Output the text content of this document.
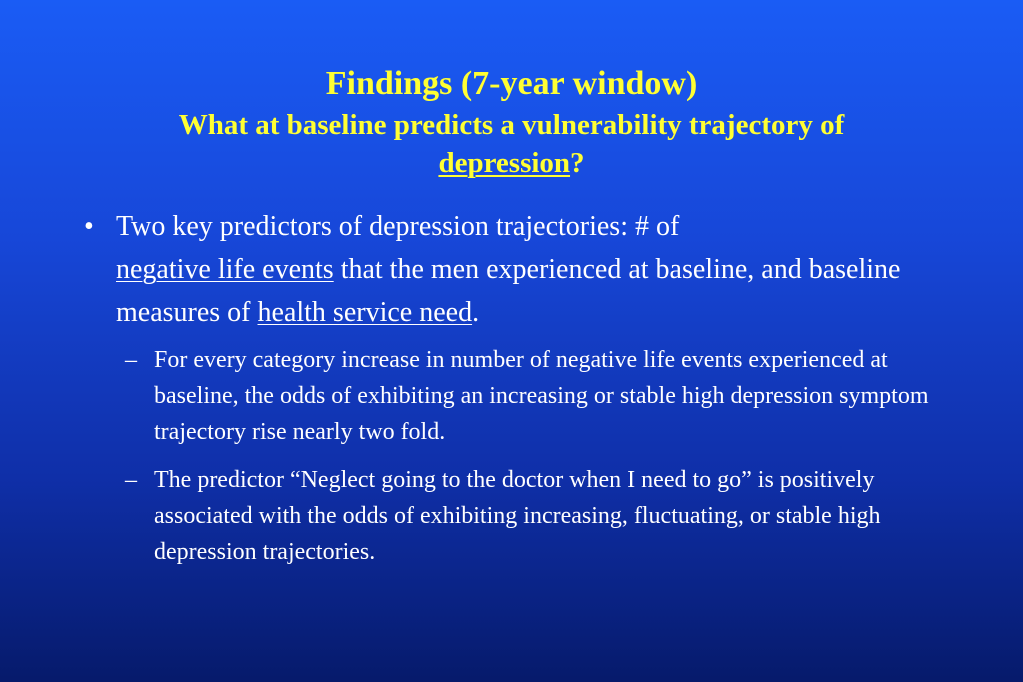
Findings (7-year window)

What at baseline predicts a vulnerability trajectory of
depression?

• Two key predictors of depression trajectories: # of
negative life events that the men experienced at baseline, and baseline measures of health service need.

– For every category increase in number of negative life events experienced at baseline, the odds of exhibiting an increasing or stable high depression symptom trajectory rise nearly two fold.
– The predictor “Neglect going to the doctor when I need to go” is positively associated with the odds of exhibiting increasing, fluctuating, or stable high depression trajectories.
